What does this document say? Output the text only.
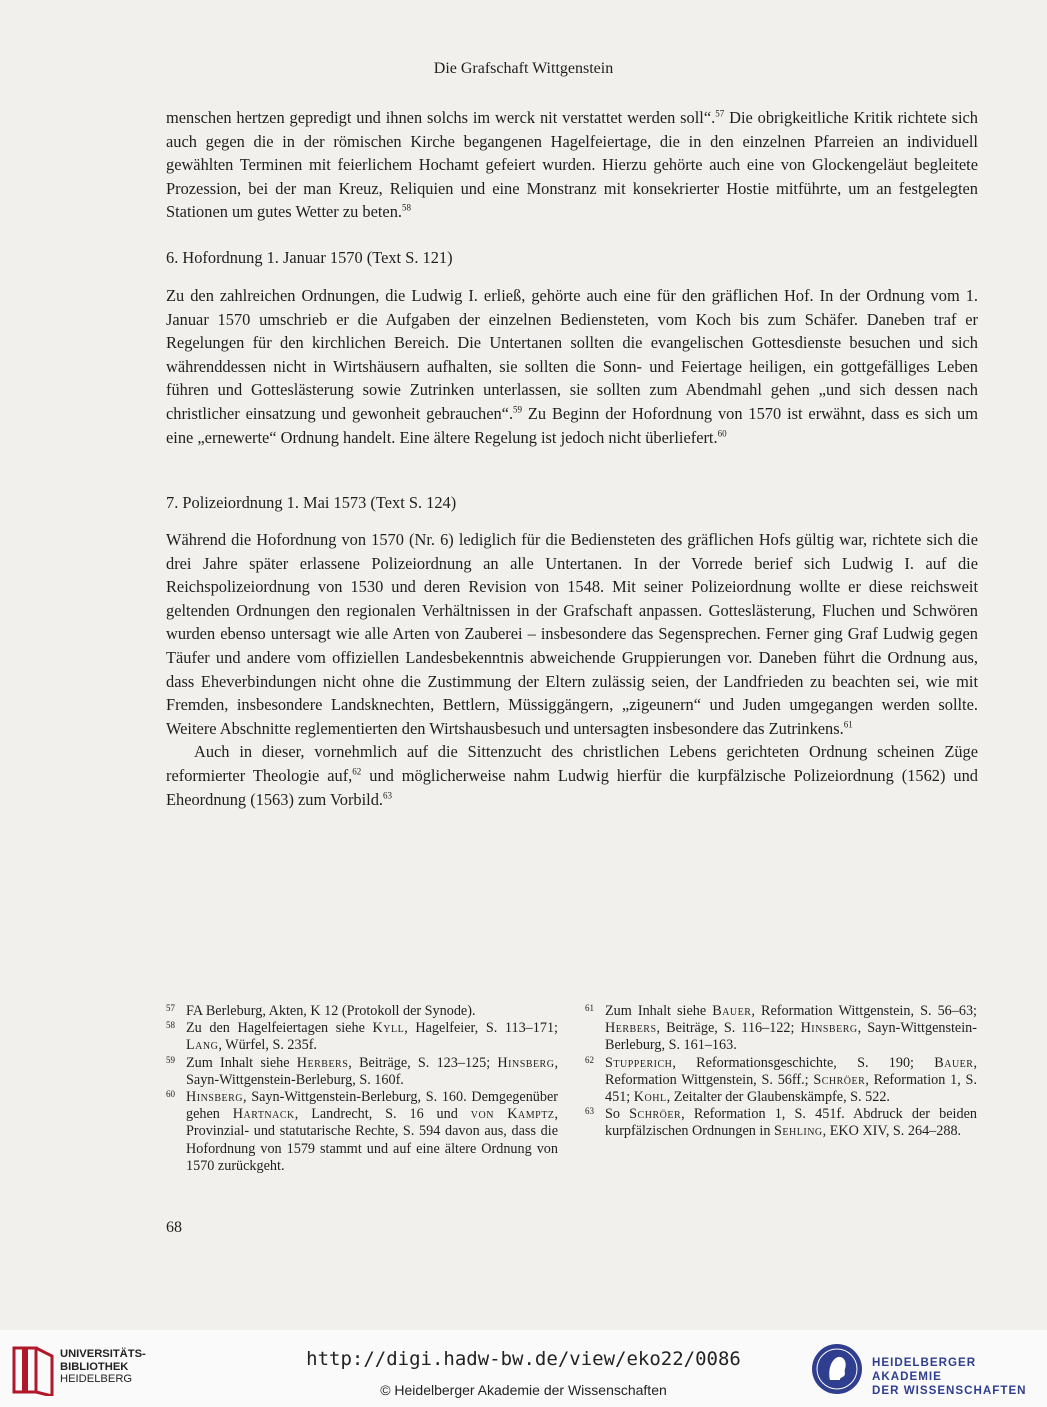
Die Grafschaft Wittgenstein

menschen hertzen gepredigt und ihnen solchs im werck nit verstattet werden soll“.$^{57}$ Die obrigkeitliche Kritik richtete sich auch gegen die in der römischen Kirche begangenen Hagelfeiertage, die in den einzelnen Pfarreien an individuell gewählten Terminen mit feierlichem Hochamt gefeiert wurden. Hierzu gehörte auch eine von Glockengeläut begleitete Prozession, bei der man Kreuz, Reliquien und eine Monstranz mit konsekrierter Hostie mitführte, um an festgelegten Stationen um gutes Wetter zu beten.$^{58}$

6. Hofordnung 1. Januar 1570 (Text S. 121)

Zu den zahlreichen Ordnungen, die Ludwig I. erließ, gehörte auch eine für den gräflichen Hof. In der Ordnung vom 1. Januar 1570 umschrieb er die Aufgaben der einzelnen Bediensteten, vom Koch bis zum Schäfer. Daneben traf er Regelungen für den kirchlichen Bereich. Die Untertanen sollten die evangelischen Gottesdienste besuchen und sich währenddessen nicht in Wirtshäusern aufhalten, sie sollten die Sonn- und Feiertage heiligen, ein gottgefälliges Leben führen und Gotteslästerung sowie Zutrinken unterlassen, sie sollten zum Abendmahl gehen „und sich dessen nach christlicher einsatzung und gewonheit gebrauchen“.$^{59}$ Zu Beginn der Hofordnung von 1570 ist erwähnt, dass es sich um eine „ernewerte“ Ordnung handelt. Eine ältere Regelung ist jedoch nicht überliefert.$^{60}$

7. Polizeiordnung 1. Mai 1573 (Text S. 124)

Während die Hofordnung von 1570 (Nr. 6) lediglich für die Bediensteten des gräflichen Hofs gültig war, richtete sich die drei Jahre später erlassene Polizeiordnung an alle Untertanen. In der Vorrede berief sich Ludwig I. auf die Reichspolizeiordnung von 1530 und deren Revision von 1548. Mit seiner Polizeiordnung wollte er diese reichsweit geltenden Ordnungen den regionalen Verhältnissen in der Grafschaft anpassen. Gotteslästerung, Fluchen und Schwören wurden ebenso untersagt wie alle Arten von Zauberei – insbesondere das Segensprechen. Ferner ging Graf Ludwig gegen Täufer und andere vom offiziellen Landesbekenntnis abweichende Gruppierungen vor. Daneben führt die Ordnung aus, dass Eheverbindungen nicht ohne die Zustimmung der Eltern zulässig seien, der Landfrieden zu beachten sei, wie mit Fremden, insbesondere Landsknechten, Bettlern, Müssiggängern, „zigeunern“ und Juden umgegangen werden sollte. Weitere Abschnitte reglementierten den Wirtshausbesuch und untersagten insbesondere das Zutrinkens.$^{61}$

Auch in dieser, vornehmlich auf die Sittenzucht des christlichen Lebens gerichteten Ordnung scheinen Züge reformierter Theologie auf,$^{62}$ und möglicherweise nahm Ludwig hierfür die kurpfälzische Polizeiordnung (1562) und Eheordnung (1563) zum Vorbild.$^{63}$

57 FA Berleburg, Akten, K 12 (Protokoll der Synode).
58 Zu den Hagelfeiertagen siehe Kyll, Hagelfeier, S. 113–171; Lang, Würfel, S. 235f.
59 Zum Inhalt siehe Herbers, Beiträge, S. 123–125; Hinsberg, Sayn-Wittgenstein-Berleburg, S. 160f.
60 Hinsberg, Sayn-Wittgenstein-Berleburg, S. 160. Demgegenüber gehen Hartnack, Landrecht, S. 16 und von Kamptz, Provinzial- und statutarische Rechte, S. 594 davon aus, dass die Hofordnung von 1579 stammt und auf eine ältere Ordnung von 1570 zurückgeht.
61 Zum Inhalt siehe Bauer, Reformation Wittgenstein, S. 56–63; Herbers, Beiträge, S. 116–122; Hinsberg, Sayn-Wittgenstein-Berleburg, S. 161–163.
62 Stupperich, Reformationsgeschichte, S. 190; Bauer, Reformation Wittgenstein, S. 56ff.; Schröer, Reformation 1, S. 451; Kohl, Zeitalter der Glaubenskämpfe, S. 522.
63 So Schröer, Reformation 1, S. 451f. Abdruck der beiden kurpfälzischen Ordnungen in Sehling, EKO XIV, S. 264–288.
68
UNIVERSITÄTS-
BIBLIOTHEK
HEIDELBERG
http://digi.hadw-bw.de/view/eko22/0086
© Heidelberger Akademie der Wissenschaften
HEIDELBERGER AKADEMIE
DER WISSENSCHAFTEN
